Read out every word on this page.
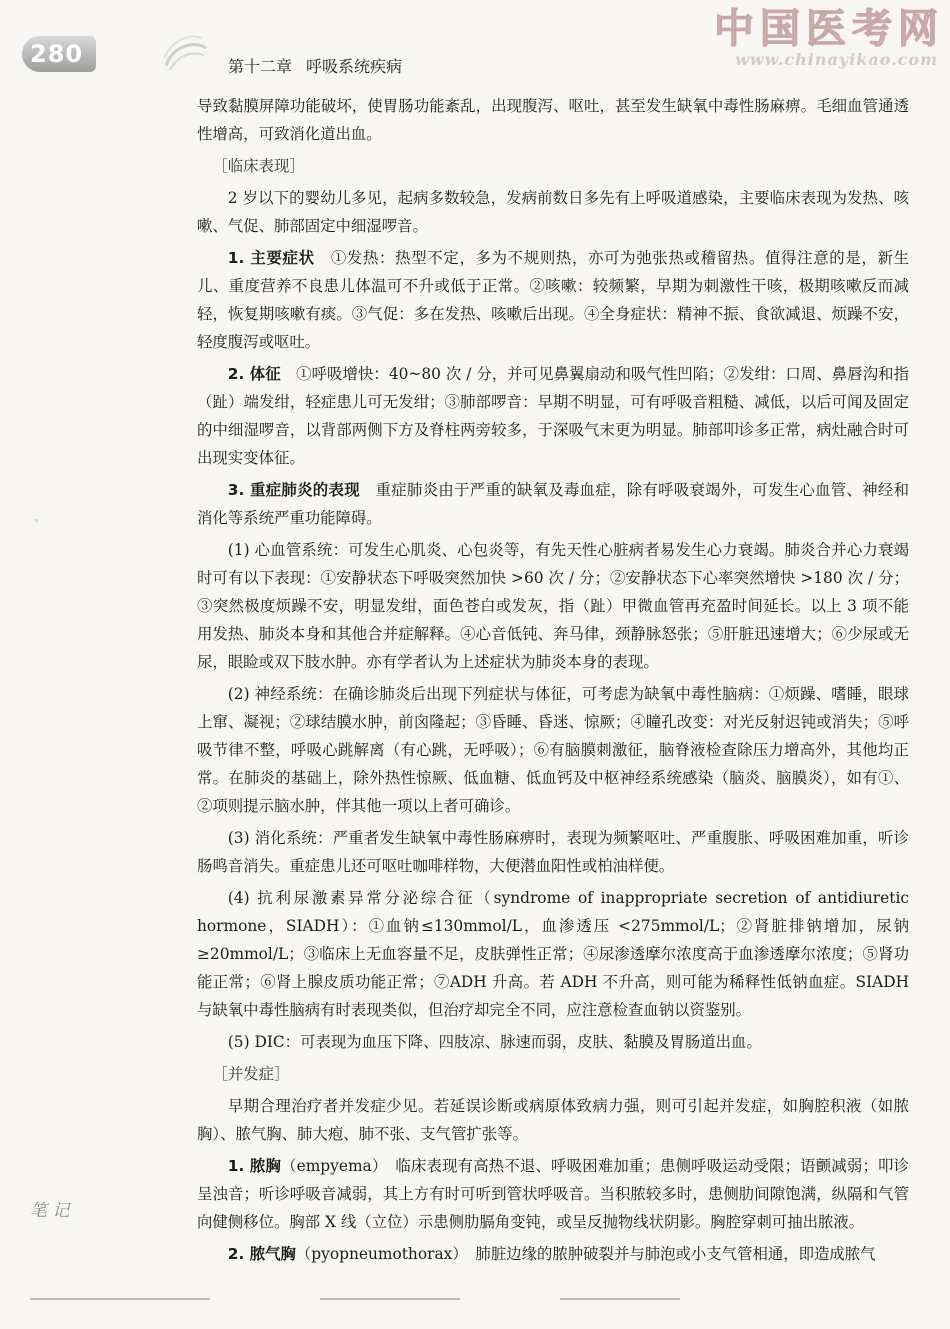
280	第十二章 呼吸系统疾病
中国医考网
www.chinayikao.com
ﾞ

导致黏膜屏障功能破坏，使胃肠功能紊乱，出现腹泻、呕吐，甚至发生缺氧中毒性肠麻痹。毛细血管通透性增高，可致消化道出血。

［临床表现］

2 岁以下的婴幼儿多见，起病多数较急，发病前数日多先有上呼吸道感染，主要临床表现为发热、咳嗽、气促、肺部固定中细湿啰音。

1. 主要症状　 ①发热：热型不定，多为不规则热，亦可为弛张热或稽留热。值得注意的是，新生儿、重度营养不良患儿体温可不升或低于正常。②咳嗽：较频繁，早期为刺激性干咳，极期咳嗽反而减轻，恢复期咳嗽有痰。③气促：多在发热、咳嗽后出现。④全身症状：精神不振、食欲减退、烦躁不安，轻度腹泻或呕吐。

2. 体征　 ①呼吸增快：40~80 次 / 分，并可见鼻翼扇动和吸气性凹陷；②发绀：口周、鼻唇沟和指（趾）端发绀，轻症患儿可无发绀；③肺部啰音：早期不明显，可有呼吸音粗糙、减低，以后可闻及固定的中细湿啰音，以背部两侧下方及脊柱两旁较多，于深吸气末更为明显。肺部叩诊多正常，病灶融合时可出现实变体征。

3. 重症肺炎的表现　 重症肺炎由于严重的缺氧及毒血症，除有呼吸衰竭外，可发生心血管、神经和消化等系统严重功能障碍。

(1) 心血管系统：可发生心肌炎、心包炎等，有先天性心脏病者易发生心力衰竭。肺炎合并心力衰竭时可有以下表现：①安静状态下呼吸突然加快 >60 次 / 分；②安静状态下心率突然增快 >180 次 / 分；③突然极度烦躁不安，明显发绀，面色苍白或发灰，指（趾）甲微血管再充盈时间延长。以上 3 项不能用发热、肺炎本身和其他合并症解释。④心音低钝、奔马律，颈静脉怒张；⑤肝脏迅速增大；⑥少尿或无尿，眼睑或双下肢水肿。亦有学者认为上述症状为肺炎本身的表现。

(2) 神经系统：在确诊肺炎后出现下列症状与体征，可考虑为缺氧中毒性脑病：①烦躁、嗜睡，眼球上窜、凝视；②球结膜水肿，前囟隆起；③昏睡、昏迷、惊厥；④瞳孔改变：对光反射迟钝或消失；⑤呼吸节律不整，呼吸心跳解离（有心跳，无呼吸）；⑥有脑膜刺激征，脑脊液检查除压力增高外，其他均正常。在肺炎的基础上，除外热性惊厥、低血糖、低血钙及中枢神经系统感染（脑炎、脑膜炎），如有①、②项则提示脑水肿，伴其他一项以上者可确诊。

(3) 消化系统：严重者发生缺氧中毒性肠麻痹时，表现为频繁呕吐、严重腹胀、呼吸困难加重，听诊肠鸣音消失。重症患儿还可呕吐咖啡样物，大便潜血阳性或柏油样便。

(4) 抗利尿激素异常分泌综合征（syndrome of inappropriate secretion of antidiuretic hormone，SIADH）：①血钠≤130mmol/L，血渗透压 <275mmol/L；②肾脏排钠增加，尿钠≥20mmol/L；③临床上无血容量不足，皮肤弹性正常；④尿渗透摩尔浓度高于血渗透摩尔浓度；⑤肾功能正常；⑥肾上腺皮质功能正常；⑦ADH 升高。若 ADH 不升高，则可能为稀释性低钠血症。SIADH 与缺氧中毒性脑病有时表现类似，但治疗却完全不同，应注意检查血钠以资鉴别。

(5) DIC：可表现为血压下降、四肢凉、脉速而弱，皮肤、黏膜及胃肠道出血。

［并发症］

早期合理治疗者并发症少见。若延误诊断或病原体致病力强，则可引起并发症，如胸腔积液（如脓胸）、脓气胸、肺大疱、肺不张、支气管扩张等。

1. 脓胸（empyema）　 临床表现有高热不退、呼吸困难加重；患侧呼吸运动受限；语颤减弱；叩诊呈浊音；听诊呼吸音减弱，其上方有时可听到管状呼吸音。当积脓较多时，患侧肋间隙饱满，纵隔和气管向健侧移位。胸部 X 线（立位）示患侧肋膈角变钝，或呈反抛物线状阴影。胸腔穿刺可抽出脓液。

2. 脓气胸（pyopneumothorax）　 肺脏边缘的脓肿破裂并与肺泡或小支气管相通，即造成脓气

笔 记
